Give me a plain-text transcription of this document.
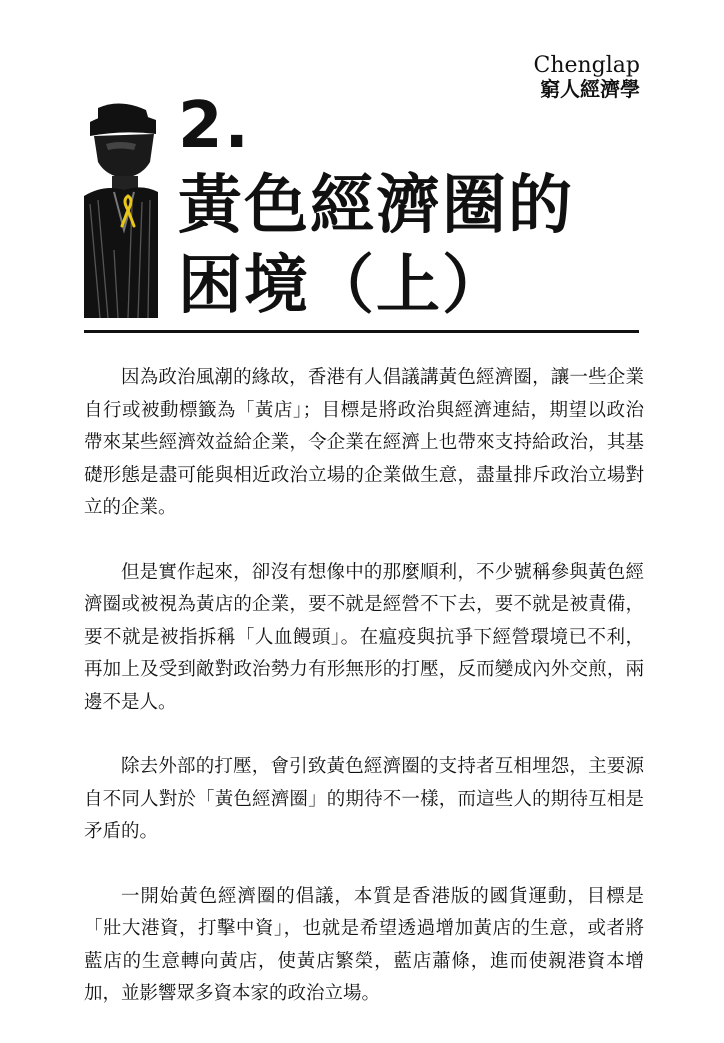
Chenglap
窮人經濟學
2.
黃色經濟圈的
困境（上）

因為政治風潮的緣故，香港有人倡議講黃色經濟圈，讓一些企業自行或被動標籤為「黃店」；目標是將政治與經濟連結，期望以政治帶來某些經濟效益給企業，令企業在經濟上也帶來支持給政治，其基礎形態是盡可能與相近政治立場的企業做生意，盡量排斥政治立場對立的企業。

但是實作起來，卻沒有想像中的那麼順利，不少號稱參與黃色經濟圈或被視為黃店的企業，要不就是經營不下去，要不就是被責備，要不就是被指拆稱「人血饅頭」。在瘟疫與抗爭下經營環境已不利，再加上及受到敵對政治勢力有形無形的打壓，反而變成內外交煎，兩邊不是人。

除去外部的打壓，會引致黃色經濟圈的支持者互相埋怨，主要源自不同人對於「黃色經濟圈」的期待不一樣，而這些人的期待互相是矛盾的。

一開始黃色經濟圈的倡議，本質是香港版的國貨運動，目標是「壯大港資，打擊中資」，也就是希望透過增加黃店的生意，或者將藍店的生意轉向黃店，使黃店繁榮，藍店蕭條，進而使親港資本增加，並影響眾多資本家的政治立場。
